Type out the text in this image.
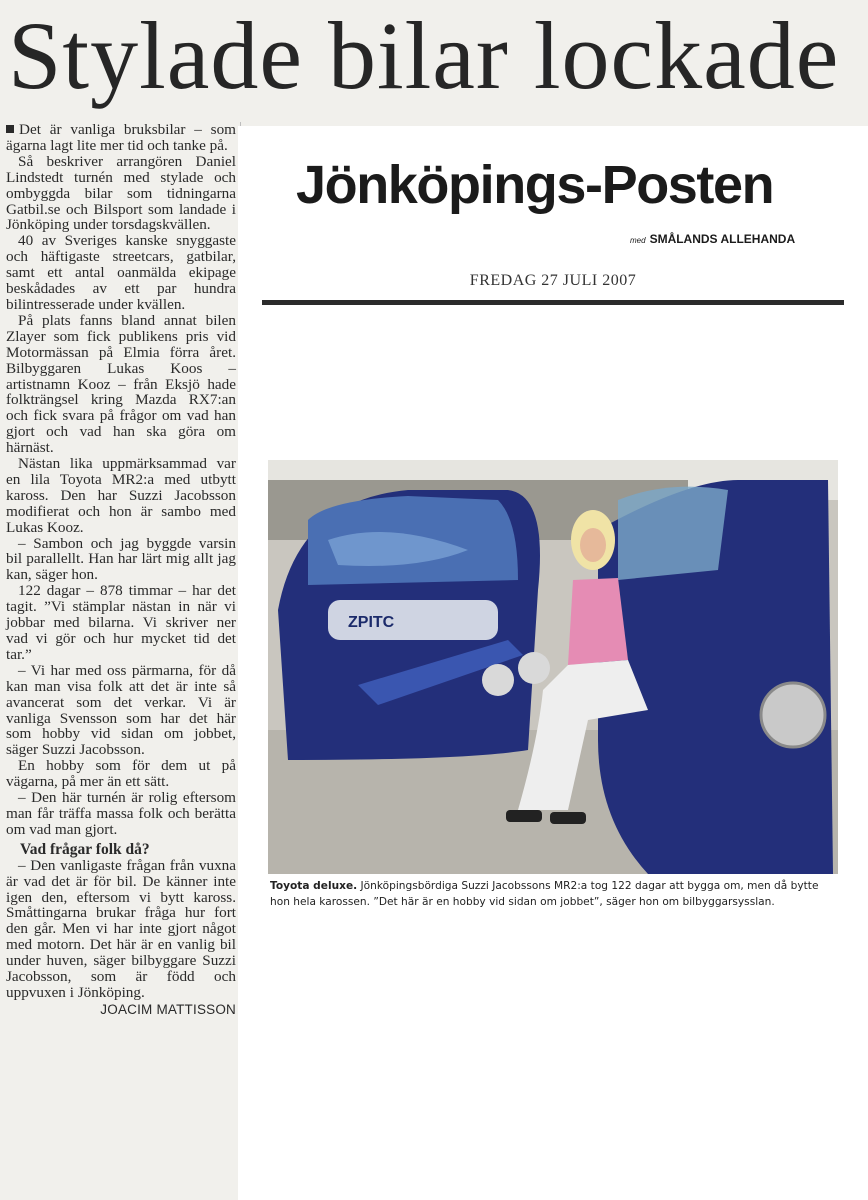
Stylade bilar lockade

Det är vanliga bruksbilar – som ägarna lagt lite mer tid och tanke på.

Så beskriver arrangören Daniel Lindstedt turnén med stylade och ombyggda bilar som tidningarna Gatbil.se och Bilsport som landade i Jönköping under torsdagskvällen.

40 av Sveriges kanske snyggaste och häftigaste streetcars, gatbilar, samt ett antal oanmälda ekipage beskådades av ett par hundra bilintresserade under kvällen.

På plats fanns bland annat bilen Zlayer som fick publikens pris vid Motormässan på Elmia förra året. Bilbyggaren Lukas Koos – artistnamn Kooz – från Eksjö hade folkträngsel kring Mazda RX7:an och fick svara på frågor om vad han gjort och vad han ska göra om härnäst.

Nästan lika uppmärksammad var en lila Toyota MR2:a med utbytt kaross. Den har Suzzi Jacobsson modifierat och hon är sambo med Lukas Kooz.

– Sambon och jag byggde varsin bil parallellt. Han har lärt mig allt jag kan, säger hon.

122 dagar – 878 timmar – har det tagit. ”Vi stämplar nästan in när vi jobbar med bilarna. Vi skriver ner vad vi gör och hur mycket tid det tar.”

– Vi har med oss pärmarna, för då kan man visa folk att det är inte så avancerat som det verkar. Vi är vanliga Svensson som har det här som hobby vid sidan om jobbet, säger Suzzi Jacobsson.

En hobby som för dem ut på vägarna, på mer än ett sätt.

– Den här turnén är rolig eftersom man får träffa massa folk och berätta om vad man gjort.

Vad frågar folk då?

– Den vanligaste frågan från vuxna är vad det är för bil. De känner inte igen den, eftersom vi bytt kaross. Småttingarna brukar fråga hur fort den går. Men vi har inte gjort något med motorn. Det här är en vanlig bil under huven, säger bilbyggare Suzzi Jacobsson, som är född och uppvuxen i Jönköping.

JOACIM MATTISSON
Jönköpings-Posten
med SMÅLANDS ALLEHANDA
FREDAG 27 JULI 2007
ZPITC
Toyota deluxe. Jönköpingsbördiga Suzzi Jacobssons MR2:a tog 122 dagar att bygga om, men då bytte hon hela karossen. ”Det här är en hobby vid sidan om jobbet”, säger hon om bilbyggarsysslan.
